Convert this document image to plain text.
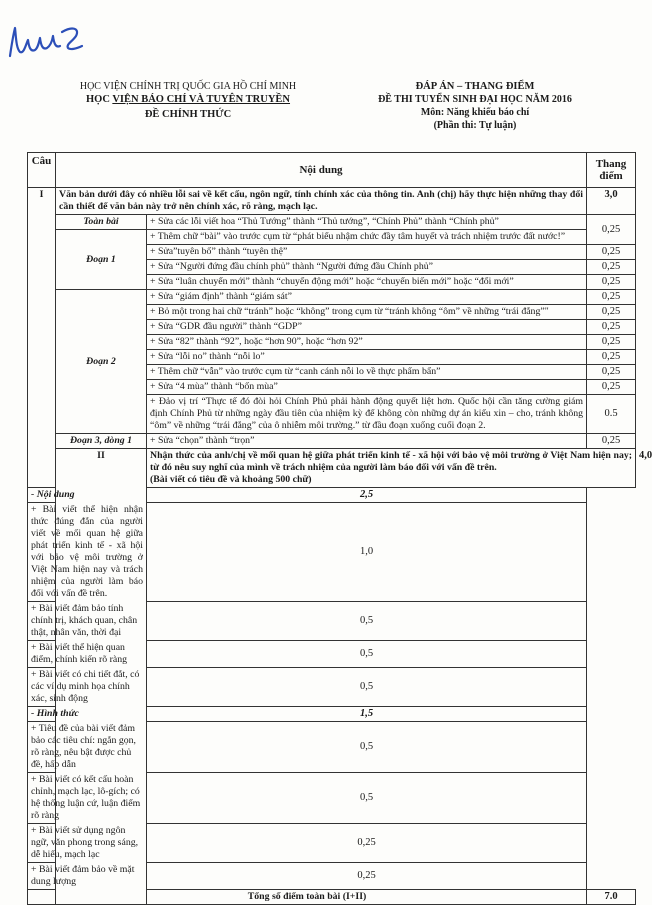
HỌC VIỆN CHÍNH TRỊ QUỐC GIA HỒ CHÍ MINH
HỌC VIỆN BÁO CHÍ VÀ TUYÊN TRUYỀN
ĐỀ CHÍNH THỨC
ĐÁP ÁN – THANG ĐIỂM
ĐỀ THI TUYỂN SINH ĐẠI HỌC NĂM 2016
Môn: Năng khiếu báo chí
(Phần thi: Tự luận)
Câu	Nội dung		Thang điểm	
I	Văn bản dưới đây có nhiều lỗi sai về kết cấu, ngôn ngữ, tính chính xác của thông tin. Anh (chị) hãy thực hiện những thay đổi cần thiết để văn bản này trở nên chính xác, rõ ràng, mạch lạc.		3,0	
	Toàn bài	+ Sửa các lỗi viết hoa “Thủ Tướng” thành “Thủ tướng”, “Chính Phủ” thành “Chính phủ”	0,25	
	Đoạn 1	+ Thêm chữ “bài” vào trước cụm từ “phát biểu nhậm chức đầy tâm huyết và trách nhiệm trước đất nước!”		
		+ Sửa”tuyên bố” thành “tuyên thệ”	0,25	
		+ Sửa “Người đứng đầu chính phủ” thành “Người đứng đầu Chính phủ”	0,25	
		+ Sửa “luân chuyển mới” thành “chuyển động mới” hoặc “chuyển biến mới” hoặc “đổi mới”	0,25	
	Đoạn 2	+ Sửa “giám định” thành “giám sát”	0,25	
		+ Bỏ một trong hai chữ “tránh” hoặc “không” trong cụm từ “tránh không “ôm” về những “trái đắng”"	0,25	
		+ Sửa “GDR đầu người” thành “GDP”	0,25	
		+ Sửa “82” thành “92”, hoặc “hơn 90”, hoặc “hơn 92”	0,25	
		+ Sửa “lỗi no” thành “nỗi lo”	0,25	
		+ Thêm chữ “vẫn” vào trước cụm từ “canh cánh nỗi lo về thực phẩm bẩn”	0,25	
		+ Sửa “4 mùa” thành “bốn mùa”	0,25	
		+ Đảo vị trí “Thực tế đó đòi hỏi Chính Phủ phải hành động quyết liệt hơn. Quốc hội cần tăng cường giám định Chính Phủ từ những ngày đầu tiên của nhiệm kỳ để không còn những dự án kiểu xin – cho, tránh không “ôm” về những “trái đắng” của ô nhiễm môi trường.” từ đầu đoạn xuống cuối đoạn 2.	0.5	
	Đoạn 3, dòng 1	+ Sửa “chọn” thành “trọn”	0,25	
	II	Nhận thức của anh/chị về mối quan hệ giữa phát triển kinh tế - xã hội với bảo vệ môi trường ở Việt Nam hiện nay; từ đó nêu suy nghĩ của mình về trách nhiệm của người làm báo đối với vấn đề trên.
(Bài viết có tiêu đề và khoảng 500 chữ)		4,0
- Nội dung		2,5		
+ Bài viết thể hiện nhận thức đúng đắn của người viết về mối quan hệ giữa phát triển kinh tế - xã hội với bảo vệ môi trường ở Việt Nam hiện nay và trách nhiệm của người làm báo đối với vấn đề trên.		1,0		
+ Bài viết đảm bảo tính chính trị, khách quan, chân thật, nhân văn, thời đại		0,5		
+ Bài viết thể hiện quan điểm, chính kiến rõ ràng		0,5		
+ Bài viết có chi tiết đắt, có các ví dụ minh họa chính xác, sinh động		0,5		
- Hình thức		1,5		
+ Tiêu đề của bài viết đảm bảo các tiêu chí: ngắn gọn, rõ ràng, nêu bật được chủ đề, hấp dẫn		0,5		
+ Bài viết có kết cấu hoàn chỉnh, mạch lạc, lô-gích; có hệ thống luận cứ, luận điểm rõ ràng		0,5		
+ Bài viết sử dụng ngôn ngữ, văn phong trong sáng, dễ hiểu, mạch lạc		0,25		
+ Bài viết đảm bảo về mặt dung lượng		0,25		
Tổng số điểm toàn bài (I+II)			7.0	
